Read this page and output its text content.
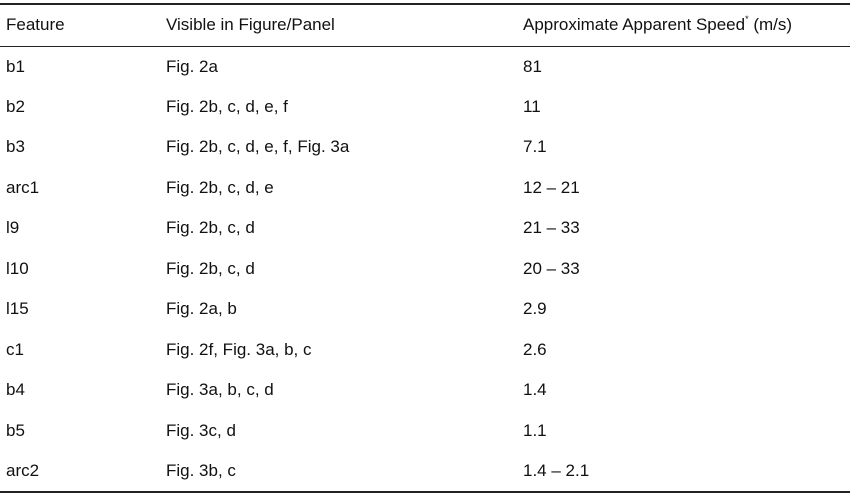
Feature	Visible in Figure/Panel	Approximate Apparent Speed* (m/s)
b1	Fig. 2a	81
b2	Fig. 2b, c, d, e, f	11
b3	Fig. 2b, c, d, e, f, Fig. 3a	7.1
arc1	Fig. 2b, c, d, e	12 – 21
l9	Fig. 2b, c, d	21 – 33
l10	Fig. 2b, c, d	20 – 33
l15	Fig. 2a, b	2.9
c1	Fig. 2f, Fig. 3a, b, c	2.6
b4	Fig. 3a, b, c, d	1.4
b5	Fig. 3c, d	1.1
arc2	Fig. 3b, c	1.4 – 2.1
